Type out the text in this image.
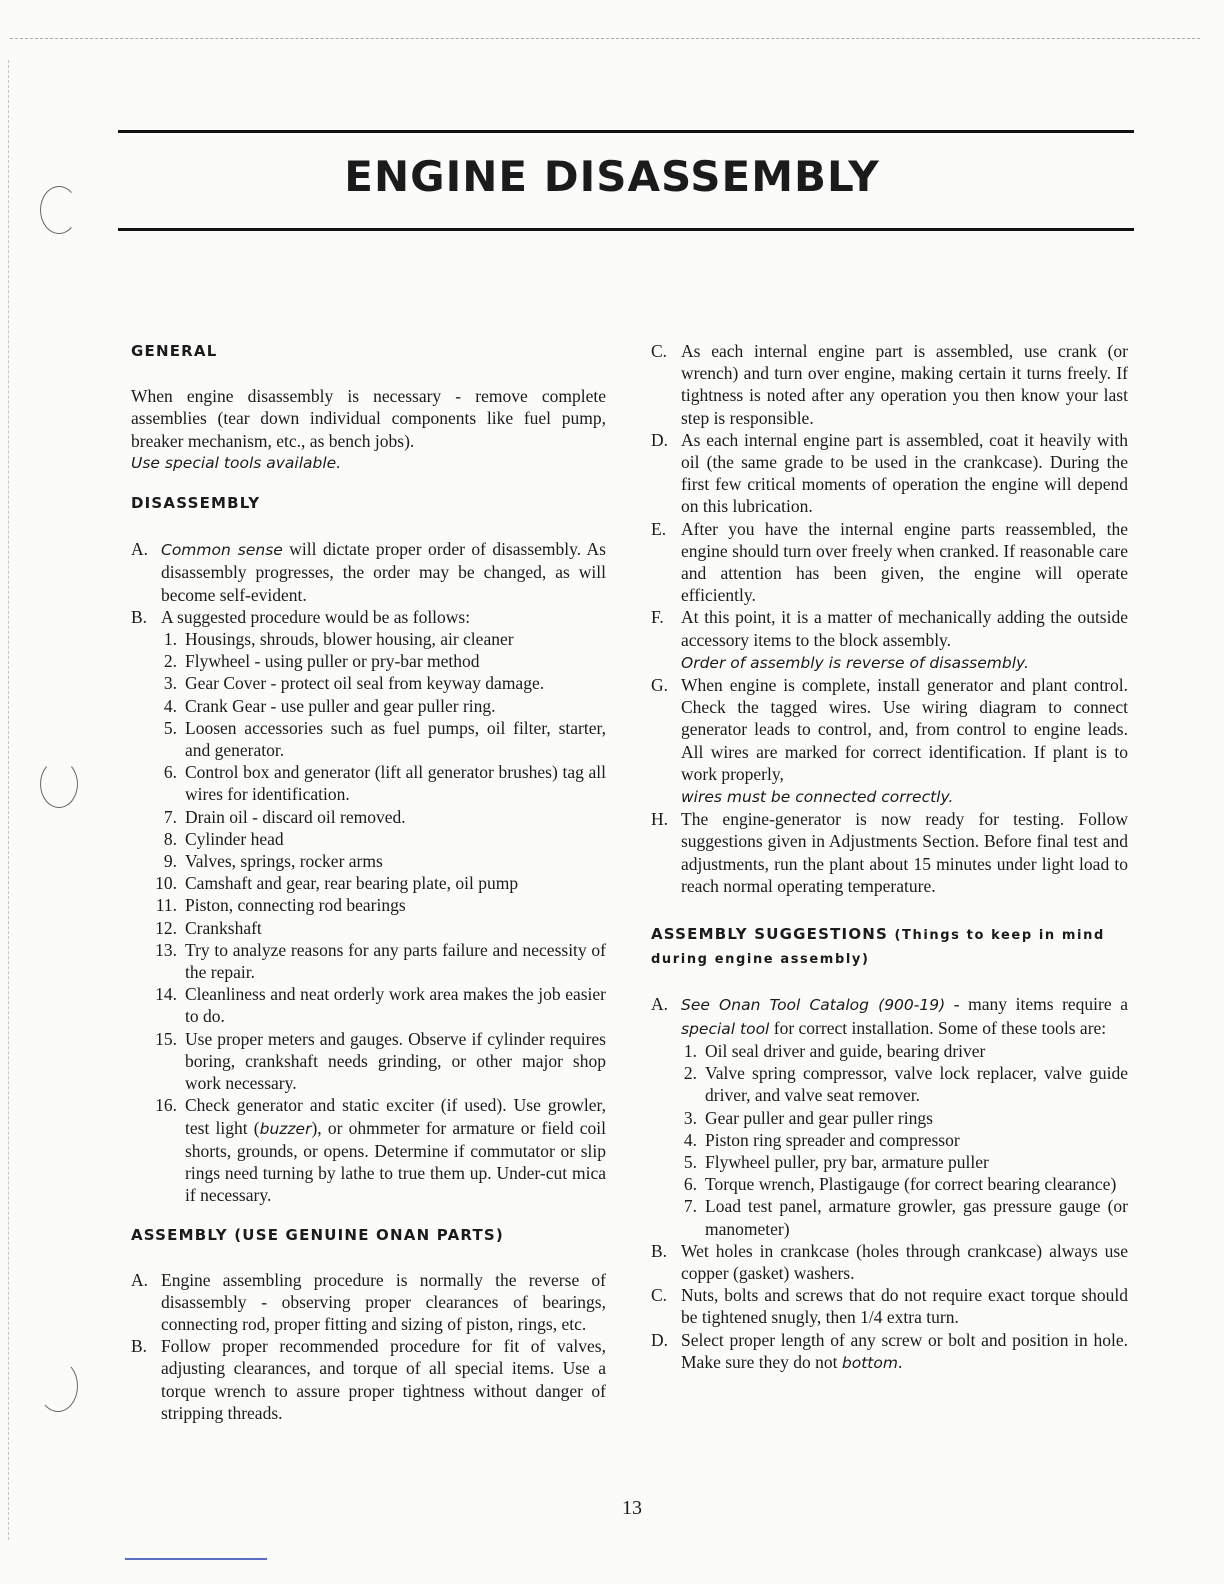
ENGINE DISASSEMBLY
GENERAL

When engine disassembly is necessary - remove complete assemblies (tear down individual components like fuel pump, breaker mechanism, etc., as bench jobs).

Use special tools available.

DISASSEMBLY
A. Common sense will dictate proper order of disassembly. As disassembly progresses, the order may be changed, as will become self-evident.
B. A suggested procedure would be as follows:
1. Housings, shrouds, blower housing, air cleaner
2. Flywheel - using puller or pry-bar method
3. Gear Cover - protect oil seal from keyway damage.
4. Crank Gear - use puller and gear puller ring.
5. Loosen accessories such as fuel pumps, oil filter, starter, and generator.
6. Control box and generator (lift all generator brushes) tag all wires for identification.
7. Drain oil - discard oil removed.
8. Cylinder head
9. Valves, springs, rocker arms
10. Camshaft and gear, rear bearing plate, oil pump
11. Piston, connecting rod bearings
12. Crankshaft
13. Try to analyze reasons for any parts failure and necessity of the repair.
14. Cleanliness and neat orderly work area makes the job easier to do.
15. Use proper meters and gauges. Observe if cylinder requires boring, crankshaft needs grinding, or other major shop work necessary.
16. Check generator and static exciter (if used). Use growler, test light (buzzer), or ohmmeter for armature or field coil shorts, grounds, or opens. Determine if commutator or slip rings need turning by lathe to true them up. Under-cut mica if necessary.
ASSEMBLY (USE GENUINE ONAN PARTS)
A. Engine assembling procedure is normally the reverse of disassembly - observing proper clearances of bearings, connecting rod, proper fitting and sizing of piston, rings, etc.
B. Follow proper recommended procedure for fit of valves, adjusting clearances, and torque of all special items. Use a torque wrench to assure proper tightness without danger of stripping threads.
C. As each internal engine part is assembled, use crank (or wrench) and turn over engine, making certain it turns freely. If tightness is noted after any operation you then know your last step is responsible.
D. As each internal engine part is assembled, coat it heavily with oil (the same grade to be used in the crankcase). During the first few critical moments of operation the engine will depend on this lubrication.
E. After you have the internal engine parts reassembled, the engine should turn over freely when cranked. If reasonable care and attention has been given, the engine will operate efficiently.
F. At this point, it is a matter of mechanically adding the outside accessory items to the block assembly.
Order of assembly is reverse of disassembly.
G. When engine is complete, install generator and plant control. Check the tagged wires. Use wiring diagram to connect generator leads to control, and, from control to engine leads. All wires are marked for correct identification. If plant is to work properly,
wires must be connected correctly.
H. The engine-generator is now ready for testing. Follow suggestions given in Adjustments Section. Before final test and adjustments, run the plant about 15 minutes under light load to reach normal operating temperature.
ASSEMBLY SUGGESTIONS (Things to keep in mind during engine assembly)
A. See Onan Tool Catalog (900-19) - many items require a special tool for correct installation. Some of these tools are:
1. Oil seal driver and guide, bearing driver
2. Valve spring compressor, valve lock replacer, valve guide driver, and valve seat remover.
3. Gear puller and gear puller rings
4. Piston ring spreader and compressor
5. Flywheel puller, pry bar, armature puller
6. Torque wrench, Plastigauge (for correct bearing clearance)
7. Load test panel, armature growler, gas pressure gauge (or manometer)
B. Wet holes in crankcase (holes through crankcase) always use copper (gasket) washers.
C. Nuts, bolts and screws that do not require exact torque should be tightened snugly, then 1/4 extra turn.
D. Select proper length of any screw or bolt and position in hole. Make sure they do not bottom.
13
